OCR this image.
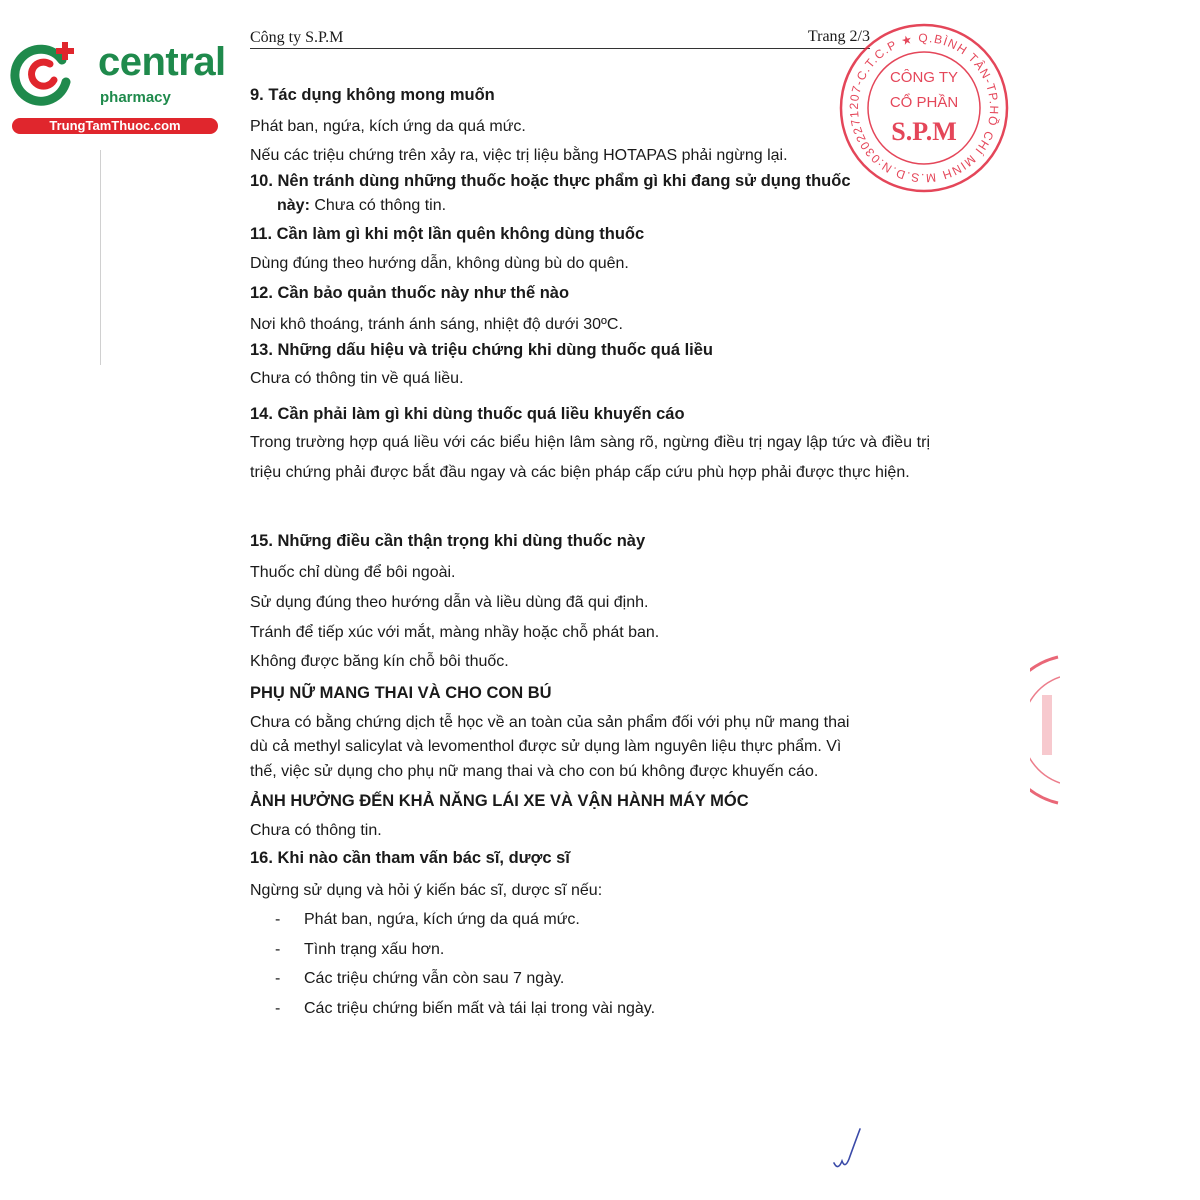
central
pharmacy
TrungTamThuoc.com
Công ty S.P.M	Trang 2/3
9. Tác dụng không mong muốn
Phát ban, ngứa, kích ứng da quá mức.
Nếu các triệu chứng trên xảy ra, việc trị liệu bằng HOTAPAS phải ngừng lại.
10. Nên tránh dùng những thuốc hoặc thực phẩm gì khi đang sử dụng thuốc
này: Chưa có thông tin.
11. Cần làm gì khi một lần quên không dùng thuốc
Dùng đúng theo hướng dẫn, không dùng bù do quên.
12. Cần bảo quản thuốc này như thế nào
Nơi khô thoáng, tránh ánh sáng, nhiệt độ dưới 30ºC.
13. Những dấu hiệu và triệu chứng khi dùng thuốc quá liều
Chưa có thông tin về quá liều.
14. Cần phải làm gì khi dùng thuốc quá liều khuyến cáo
Trong trường hợp quá liều với các biểu hiện lâm sàng rõ, ngừng điều trị ngay lập tức và điều trị triệu chứng phải được bắt đầu ngay và các biện pháp cấp cứu phù hợp phải được thực hiện.
15. Những điều cần thận trọng khi dùng thuốc này
Thuốc chỉ dùng để bôi ngoài.
Sử dụng đúng theo hướng dẫn và liều dùng đã qui định.
Tránh để tiếp xúc với mắt, màng nhầy hoặc chỗ phát ban.
Không được băng kín chỗ bôi thuốc.
PHỤ NỮ MANG THAI VÀ CHO CON BÚ
Chưa có bằng chứng dịch tễ học về an toàn của sản phẩm đối với phụ nữ mang thai
dù cả methyl salicylat và levomenthol được sử dụng làm nguyên liệu thực phẩm. Vì
thế, việc sử dụng cho phụ nữ mang thai và cho con bú không được khuyến cáo.
ẢNH HƯỞNG ĐẾN KHẢ NĂNG LÁI XE VÀ VẬN HÀNH MÁY MÓC
Chưa có thông tin.
16. Khi nào cần tham vấn bác sĩ, dược sĩ
Ngừng sử dụng và hỏi ý kiến bác sĩ, dược sĩ nếu:
- Phát ban, ngứa, kích ứng da quá mức.
- Tình trạng xấu hơn.
- Các triệu chứng vẫn còn sau 7 ngày.
- Các triệu chứng biến mất và tái lại trong vài ngày.
M.S.D.N:0302271207-C.T.C.P ★ Q.BÌNH TÂN-TP.HỒ CHÍ MINH
CÔNG TY
CỔ PHẦN
S.P.M
